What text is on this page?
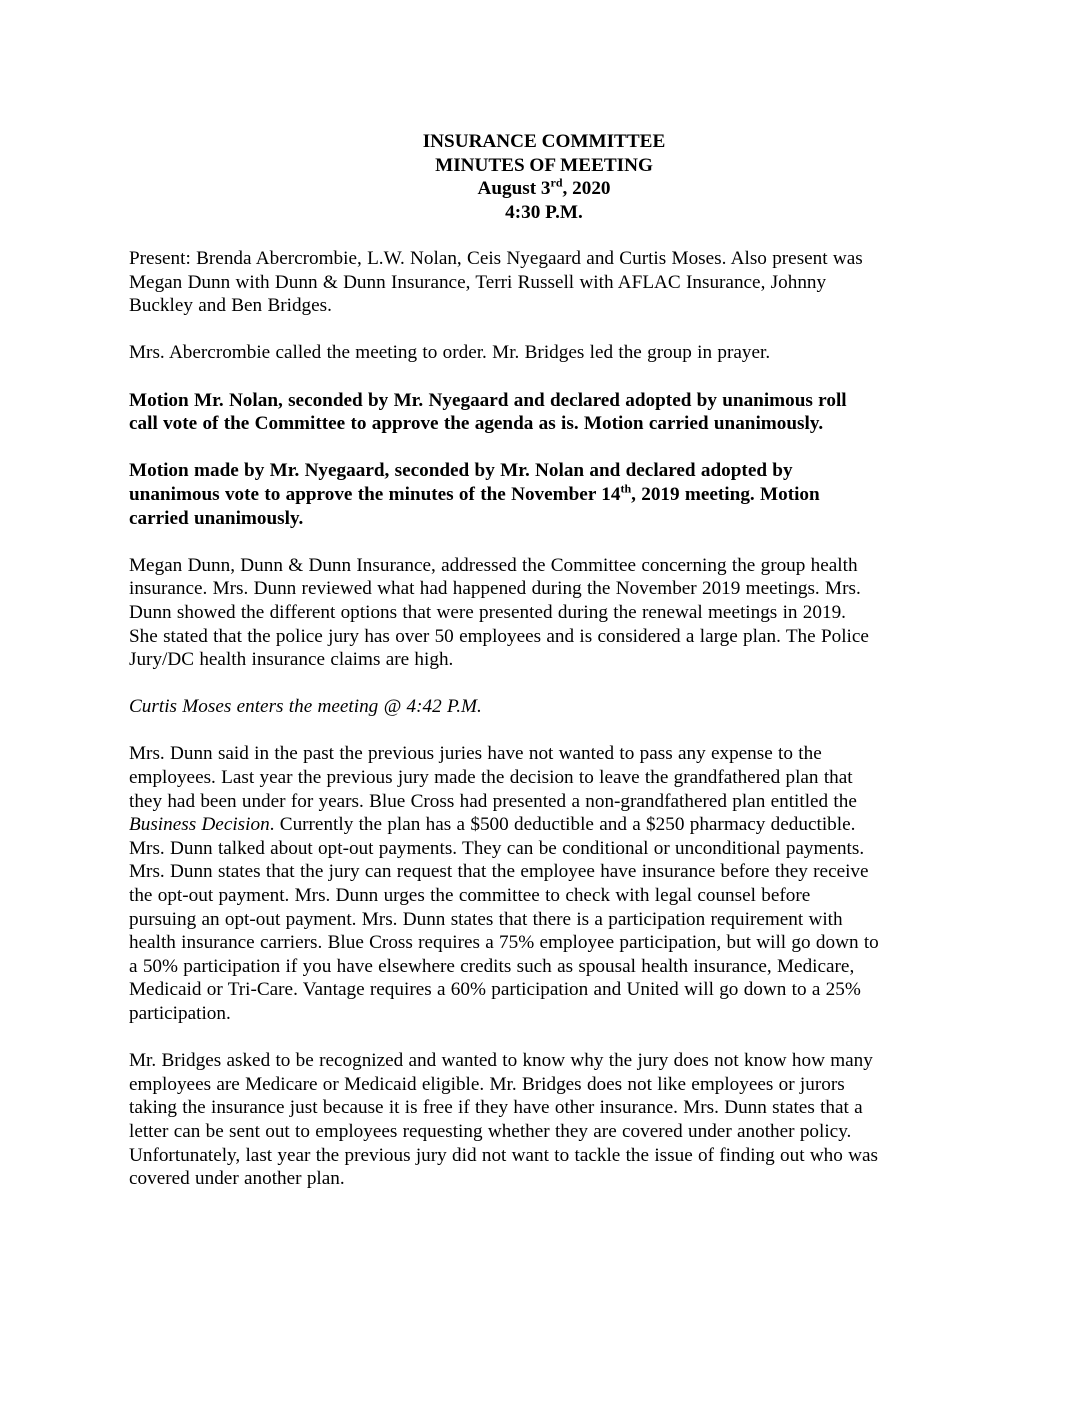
INSURANCE COMMITTEE
MINUTES OF MEETING
August 3rd, 2020
4:30 P.M.

Present: Brenda Abercrombie, L.W. Nolan, Ceis Nyegaard and Curtis Moses. Also present was
Megan Dunn with Dunn & Dunn Insurance, Terri Russell with AFLAC Insurance, Johnny
Buckley and Ben Bridges.

Mrs. Abercrombie called the meeting to order. Mr. Bridges led the group in prayer.

Motion Mr. Nolan, seconded by Mr. Nyegaard and declared adopted by unanimous roll
call vote of the Committee to approve the agenda as is. Motion carried unanimously.

Motion made by Mr. Nyegaard, seconded by Mr. Nolan and declared adopted by
unanimous vote to approve the minutes of the November 14th, 2019 meeting. Motion
carried unanimously.

Megan Dunn, Dunn & Dunn Insurance, addressed the Committee concerning the group health
insurance. Mrs. Dunn reviewed what had happened during the November 2019 meetings. Mrs.
Dunn showed the different options that were presented during the renewal meetings in 2019.
She stated that the police jury has over 50 employees and is considered a large plan. The Police
Jury/DC health insurance claims are high.

Curtis Moses enters the meeting @ 4:42 P.M.

Mrs. Dunn said in the past the previous juries have not wanted to pass any expense to the
employees. Last year the previous jury made the decision to leave the grandfathered plan that
they had been under for years. Blue Cross had presented a non-grandfathered plan entitled the
Business Decision. Currently the plan has a $500 deductible and a $250 pharmacy deductible.
Mrs. Dunn talked about opt-out payments. They can be conditional or unconditional payments.
Mrs. Dunn states that the jury can request that the employee have insurance before they receive
the opt-out payment. Mrs. Dunn urges the committee to check with legal counsel before
pursuing an opt-out payment. Mrs. Dunn states that there is a participation requirement with
health insurance carriers. Blue Cross requires a 75% employee participation, but will go down to
a 50% participation if you have elsewhere credits such as spousal health insurance, Medicare,
Medicaid or Tri-Care. Vantage requires a 60% participation and United will go down to a 25%
participation.

Mr. Bridges asked to be recognized and wanted to know why the jury does not know how many
employees are Medicare or Medicaid eligible. Mr. Bridges does not like employees or jurors
taking the insurance just because it is free if they have other insurance. Mrs. Dunn states that a
letter can be sent out to employees requesting whether they are covered under another policy.
Unfortunately, last year the previous jury did not want to tackle the issue of finding out who was
covered under another plan.
